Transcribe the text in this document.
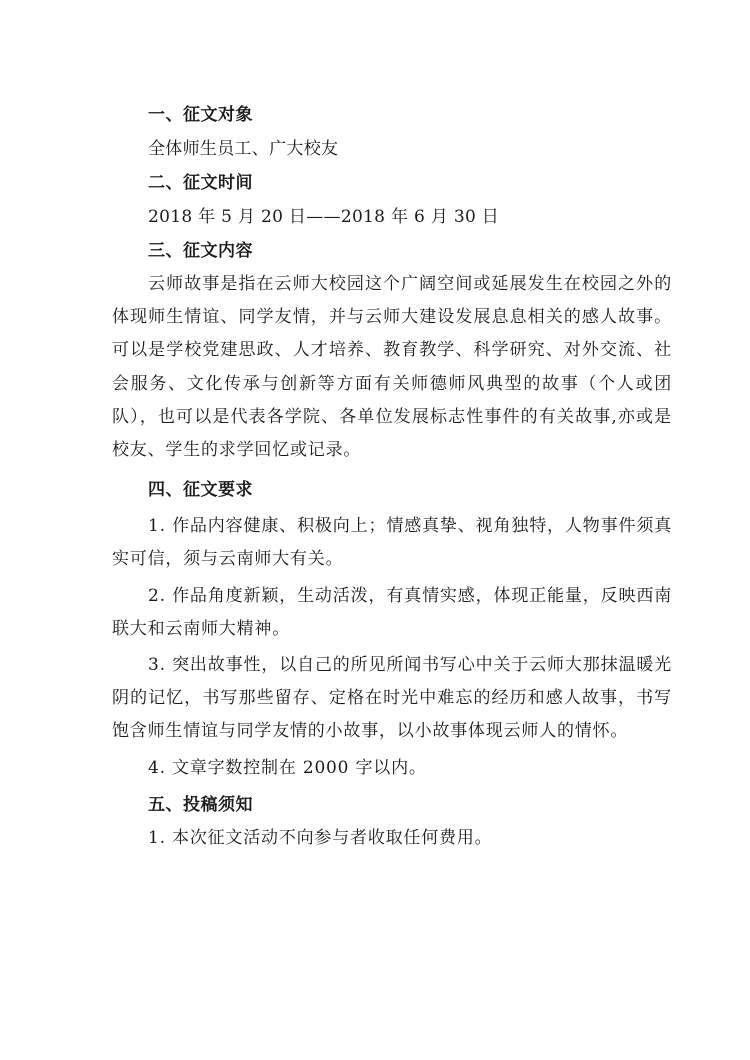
一、征文对象
全体师生员工、广大校友
二、征文时间
2018 年 5 月 20 日——2018 年 6 月 30 日
三、征文内容

云师故事是指在云师大校园这个广阔空间或延展发生在校园之外的体现师生情谊、同学友情，并与云师大建设发展息息相关的感人故事。可以是学校党建思政、人才培养、教育教学、科学研究、对外交流、社会服务、文化传承与创新等方面有关师德师风典型的故事（个人或团队），也可以是代表各学院、各单位发展标志性事件的有关故事,亦或是校友、学生的求学回忆或记录。

四、征文要求

1. 作品内容健康、积极向上；情感真挚、视角独特，人物事件须真实可信，须与云南师大有关。

2. 作品角度新颖，生动活泼，有真情实感，体现正能量，反映西南联大和云南师大精神。

3. 突出故事性，以自己的所见所闻书写心中关于云师大那抹温暖光阴的记忆，书写那些留存、定格在时光中难忘的经历和感人故事，书写饱含师生情谊与同学友情的小故事，以小故事体现云师人的情怀。

4. 文章字数控制在 2000 字以内。

五、投稿须知

1. 本次征文活动不向参与者收取任何费用。
